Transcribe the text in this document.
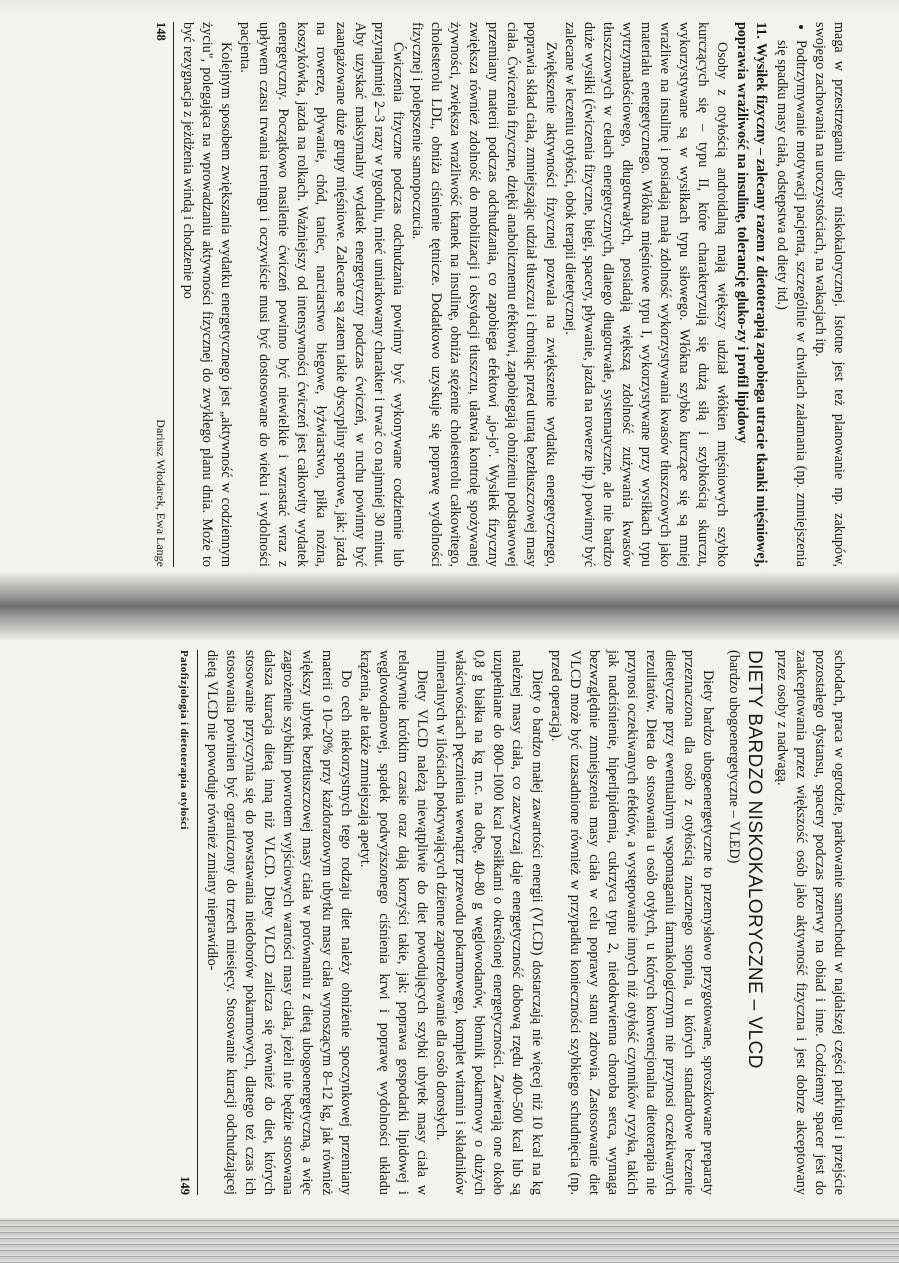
maga w przestrzeganiu diety niskokalorycznej. Istotne jest też planowanie np. zakupów, swojego zachowania na uroczystościach, na wakacjach itp.

• Podtrzymywanie motywacji pacjenta, szczególnie w chwilach załamania (np. zmniejszenia się spadku masy ciała, odstępstwa od diety itd.)

11.Wysiłek fizyczny – zalecany razem z dietoterapią zapobiega utracie tkanki mięśniowej, poprawia wrażliwość na insulinę, tolerancję gluko-zy i profil lipidowy

Osoby z otyłością androidalną mają większy udział włókien mięśniowych szybko kurczących się – typu II, które charakteryzują się dużą siłą i szybkością skurczu, wykorzystywane są w wysiłkach typu siłowego. Włókna szybko kurczące się są mniej wrażliwe na insulinę i posiadają małą zdolność wykorzystywania kwasów tłuszczowych jako materiału energetycznego. Włókna mięśniowe typu I, wykorzystywane przy wysiłkach typu wytrzymałościowego, długotrwałych, posiadają większą zdolność zużywania kwasów tłuszczowych w celach energetycznych, dlatego długotrwałe, systematyczne, ale nie bardzo duże wysiłki (ćwiczenia fizyczne, biegi, spacery, pływanie, jazda na rowerze itp.) powinny być zalecane w leczeniu otyłości, obok terapii dietetycznej.

Zwiększenie aktywności fizycznej pozwala na zwiększenie wydatku energetycznego, poprawia skład ciała, zmniejszając udział tłuszczu i chroniąc przed utratą beztłuszczowej masy ciała. Ćwiczenia fizyczne, dzięki anabolicznemu efektowi, zapobiegają obniżeniu podstawowej przemiany materii podczas odchudzania, co zapobiega efektowi „jo-jo". Wysiłek fizyczny zwiększa również zdolność do mobilizacji i oksydacji tłuszczu, ułatwia kontrolę spożywanej żywności, zwiększa wrażliwość tkanek na insulinę, obniża stężenie cholesterolu całkowitego, cholesterolu LDL, obniża ciśnienie tętnicze. Dodatkowo uzyskuje się poprawę wydolności fizycznej i polepszenie samopoczucia.

Ćwiczenia fizyczne podczas odchudzania powinny być wykonywane codziennie lub przynajmniej 2–3 razy w tygodniu, mieć umiarkowany charakter i trwać co najmniej 30 minut. Aby uzyskać maksymalny wydatek energetyczny podczas ćwiczeń, w ruchu powinny być zaangażowane duże grupy mięśniowe. Zalecane są zatem takie dyscypliny sportowe, jak: jazda na rowerze, pływanie, chód, taniec, narciarstwo biegowe, łyżwiarstwo, piłka nożna, koszykówka, jazda na rolkach. Ważniejszy od intensywności ćwiczeń jest całkowity wydatek energetyczny. Początkowo nasilenie ćwiczeń powinno być niewielkie i wzrastać wraz z upływem czasu trwania treningu i oczywiście musi być dostosowane do wieku i wydolności pacjenta.

Kolejnym sposobem zwiększania wydatku energetycznego jest „aktywność w codziennym życiu", polegająca na wprowadzaniu aktywności fizycznej do zwykłego planu dnia. Może to być rezygnacja z jeżdżenia windą i chodzenie po

148
Dariusz Włodarek, Ewa Lange

schodach, praca w ogrodzie, parkowanie samochodu w najdalszej części parkingu i przejście pozostałego dystansu, spacery podczas przerwy na obiad i inne. Codzienny spacer jest do zaakceptowania przez większość osób jako aktywność fizyczna i jest dobrze akceptowany przez osoby z nadwagą.

DIETY BARDZO NISKOKALORYCZNE – VLCD

(bardzo ubogoenergetyczne – VLED)

Diety bardzo ubogoenergetyczne to przemysłowo przygotowane, sproszkowane preparaty przeznaczona dla osób z otyłością znacznego stopnia, u których standardowe leczenie dietetyczne przy ewentualnym wspomaganiu farmakologicznym nie przynosi oczekiwanych rezultatów. Dieta do stosowania u osób otyłych, u których konwencjonalna dietoterapia nie przynosi oczekiwanych efektów, a występowanie innych niż otyłość czynników ryzyka, takich jak nadciśnienie, hiperlipidemia, cukrzyca typu 2, niedokrwienna choroba serca, wymaga bezwzględnie zmniejszenia masy ciała w celu poprawy stanu zdrowia. Zastosowanie diet VLCD może być uzasadnione również w przypadku konieczności szybkiego schudnięcia (np. przed operacją).

Diety o bardzo małej zawartości energii (VLCD) dostarczają nie więcej niż 10 kcal na kg należnej masy ciała, co zazwyczaj daje energetyczność dobową rzędu 400–500 kcal lub są uzupełniane do 800–1000 kcal posiłkami o określonej energetyczności. Zawierają one około 0,8 g białka na kg m.c. na dobę, 40–80 g węglowodanów, błonnik pokarmowy o dużych właściwościach pęcznienia wewnątrz przewodu pokarmowego, komplet witamin i składników mineralnych w ilościach pokrywających dzienne zapotrzebowanie dla osób dorosłych.

Diety VLCD należą niewątpliwie do diet powodujących szybki ubytek masy ciała w relatywnie krótkim czasie oraz dają korzyści takie, jak: poprawa gospodarki lipidowej i węglowodanowej, spadek podwyższonego ciśnienia krwi i poprawę wydolności układu krążenia, ale także zmniejszają apetyt.

Do cech niekorzystnych tego rodzaju diet należy obniżenie spoczynkowej przemiany materii o 10–20% przy każdorazowym ubytku masy ciała wynoszącym 8–12 kg, jak również większy ubytek beztłuszczowej masy ciała w porównaniu z dietą ubogoenergetyczną, a więc zagrożenie szybkim powrotem wyjściowych wartości masy ciała, jeżeli nie będzie stosowana dalsza kuracja dietą inną niż VLCD. Diety VLCD zalicza się również do diet, których stosowanie przyczynia się do powstawania niedoborów pokarmowych, dlatego też czas ich stosowania powinien być ograniczony do trzech miesięcy. Stosowanie kuracji odchudzającej dietą VLCD nie powoduje również zmiany nieprawidło-

Patofizjologia i dietoterapia otyłości
149
